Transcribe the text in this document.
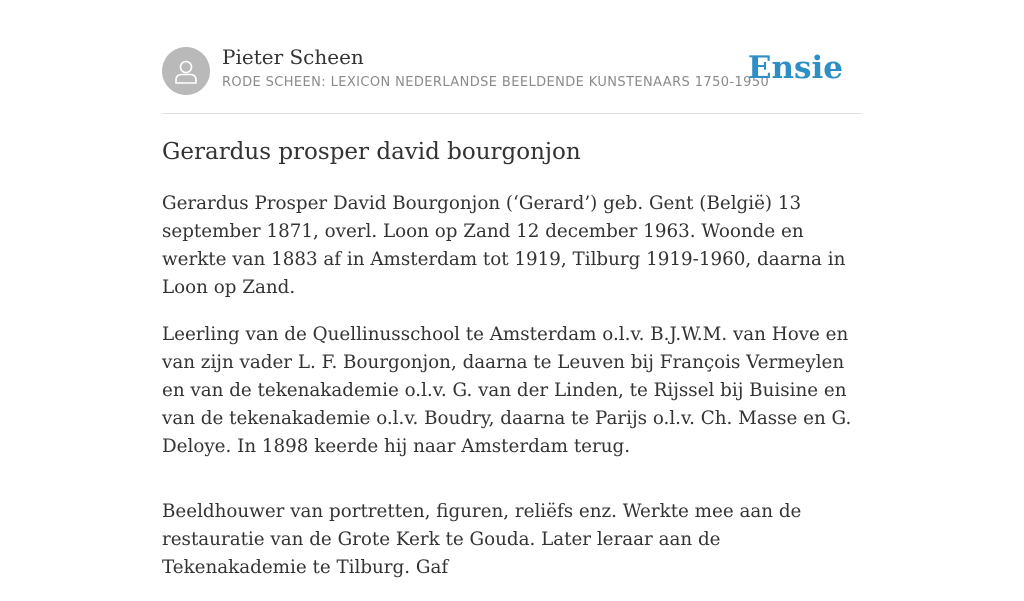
Pieter Scheen
RODE SCHEEN: LEXICON NEDERLANDSE BEELDENDE KUNSTENAARS 1750-1950
Ensie
Gerardus prosper david bourgonjon

Gerardus Prosper David Bourgonjon (‘Gerard’) geb. Gent (België) 13 september 1871, overl. Loon op Zand 12 december 1963. Woonde en werkte van 1883 af in Amsterdam tot 1919, Tilburg 1919-1960, daarna in Loon op Zand.

Leerling van de Quellinusschool te Amsterdam o.l.v. B.J.W.M. van Hove en van zijn vader L. F. Bourgonjon, daarna te Leuven bij François Vermeylen en van de tekenakademie o.l.v. G. van der Linden, te Rijssel bij Buisine en van de tekenakademie o.l.v. Boudry, daarna te Parijs o.l.v. Ch. Masse en G. Deloye. In 1898 keerde hij naar Amsterdam terug.

Beeldhouwer van portretten, figuren, reliëfs enz. Werkte mee aan de restauratie van de Grote Kerk te Gouda. Later leraar aan de Tekenakademie te Tilburg. Gaf
